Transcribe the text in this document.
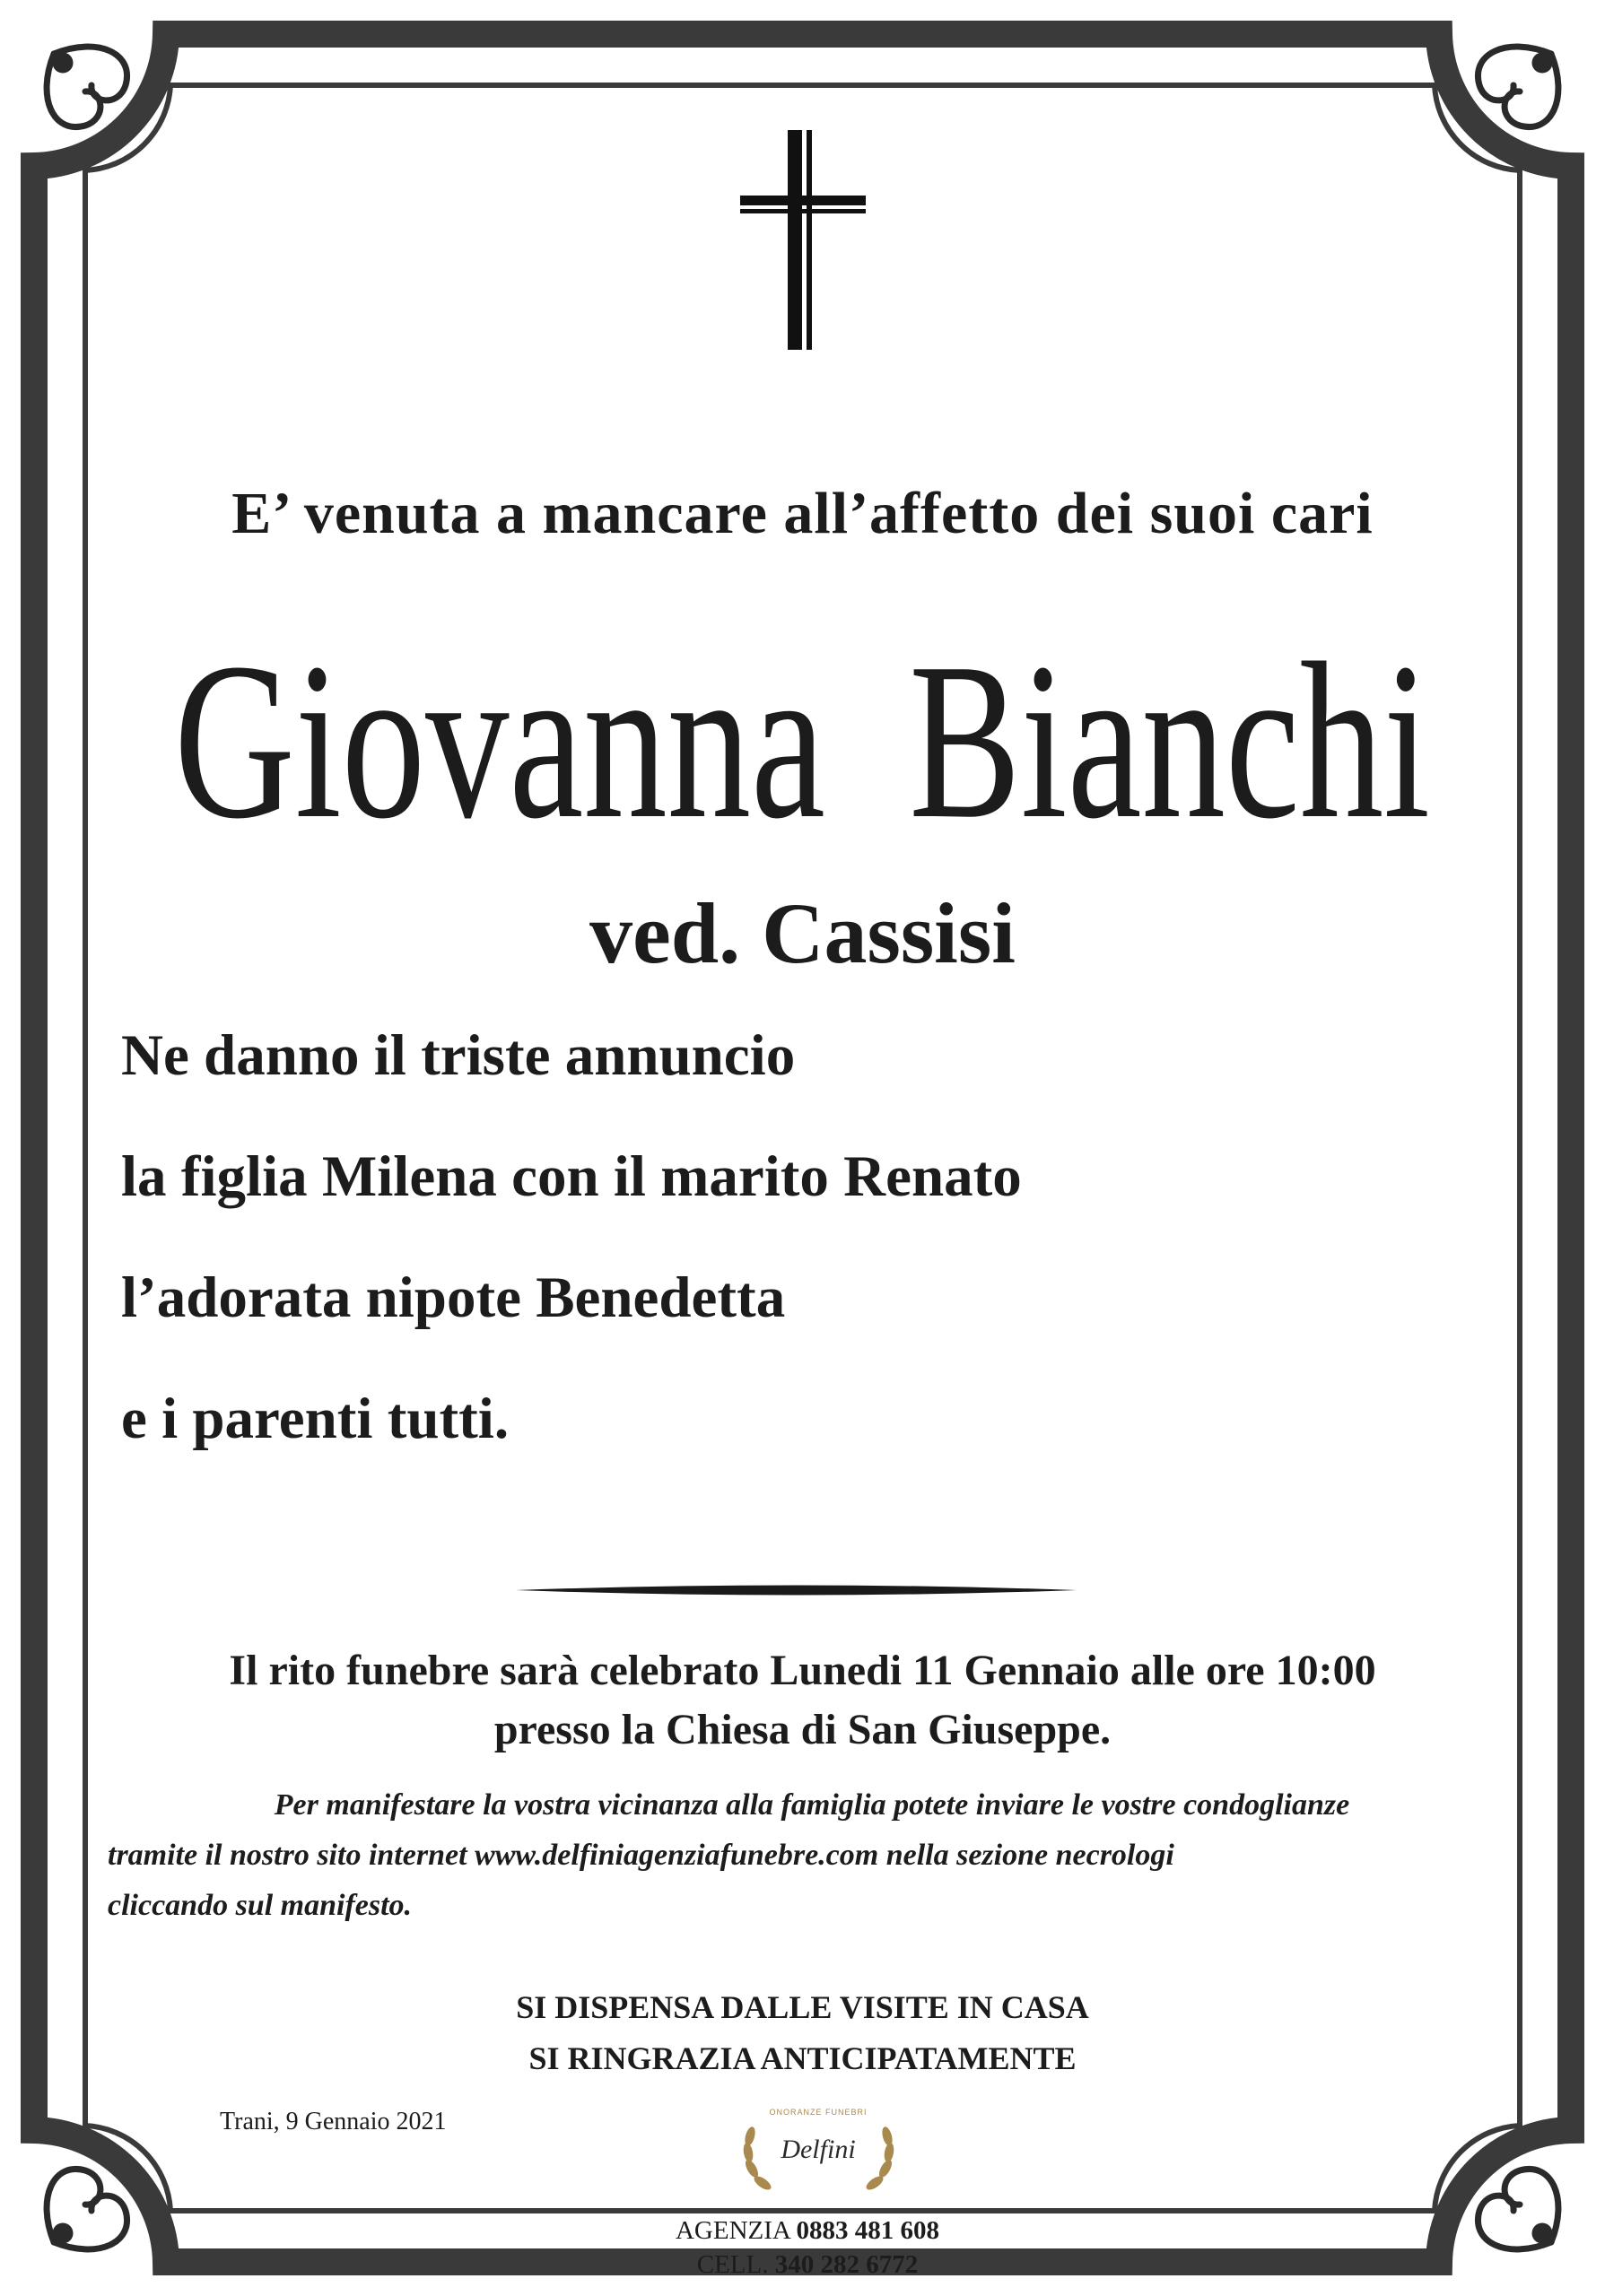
E’ venuta a mancare all’affetto dei suoi cari
Giovanna  Bianchi
ved. Cassisi
Ne danno il triste annuncio
la figlia Milena con il marito Renato
l’adorata nipote Benedetta
e i parenti tutti.
Il rito funebre sarà celebrato Lunedi 11 Gennaio alle ore 10:00
presso la Chiesa di San Giuseppe.
Per manifestare la vostra vicinanza alla famiglia potete inviare le vostre condoglianze
tramite il nostro sito internet www.delfiniagenziafunebre.com nella sezione necrologi
cliccando sul manifesto.
SI DISPENSA DALLE VISITE IN CASA
SI RINGRAZIA ANTICIPATAMENTE
Trani, 9 Gennaio 2021	ONORANZE FUNEBRI
Delfini
AGENZIA 0883 481 608
CELL. 340 282 6772
